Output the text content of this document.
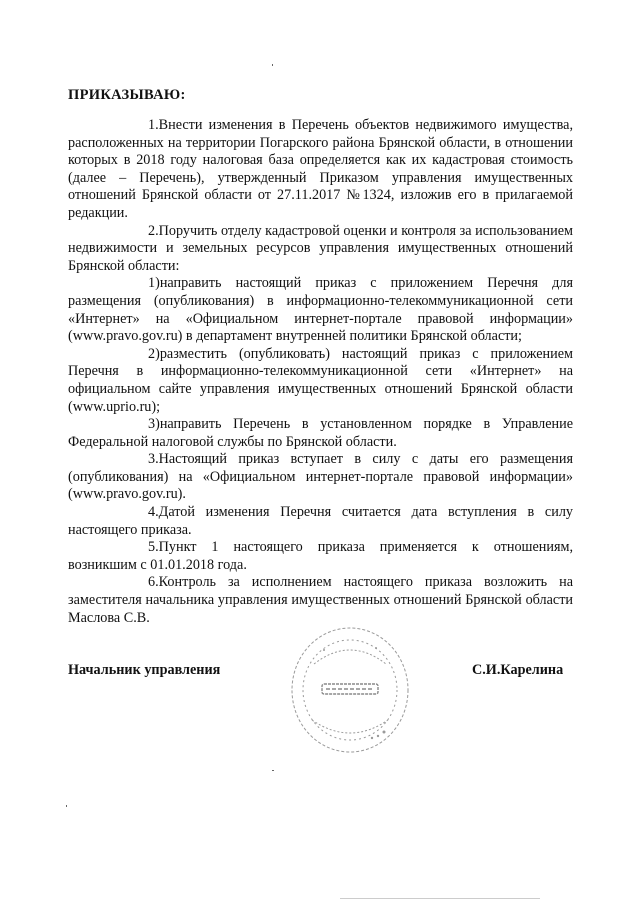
ПРИКАЗЫВАЮ:

1.Внести изменения в Перечень объектов недвижимого имущества, расположенных на территории Погарского района Брянской области, в отношении которых в 2018 году налоговая база определяется как их кадастровая стоимость (далее – Перечень), утвержденный Приказом управления имущественных отношений Брянской области от 27.11.2017 №1324, изложив его в прилагаемой редакции.

2.Поручить отделу кадастровой оценки и контроля за использованием недвижимости и земельных ресурсов управления имущественных отношений Брянской области:

1)направить настоящий приказ с приложением Перечня для размещения (опубликования) в информационно-телекоммуникационной сети «Интернет» на «Официальном интернет-портале правовой информации» (www.pravo.gov.ru) в департамент внутренней политики Брянской области;

2)разместить (опубликовать) настоящий приказ с приложением Перечня в информационно-телекоммуникационной сети «Интернет» на официальном сайте управления имущественных отношений Брянской области (www.uprio.ru);

3)направить Перечень в установленном порядке в Управление Федеральной налоговой службы по Брянской области.

3.Настоящий приказ вступает в силу с даты его размещения (опубликования) на «Официальном интернет-портале правовой информации» (www.pravo.gov.ru).

4.Датой изменения Перечня считается дата вступления в силу настоящего приказа.

5.Пункт 1 настоящего приказа применяется к отношениям, возникшим с 01.01.2018 года.

6.Контроль за исполнением настоящего приказа возложить на заместителя начальника управления имущественных отношений Брянской области Маслова С.В.

Начальник управления	С.И.Карелина
